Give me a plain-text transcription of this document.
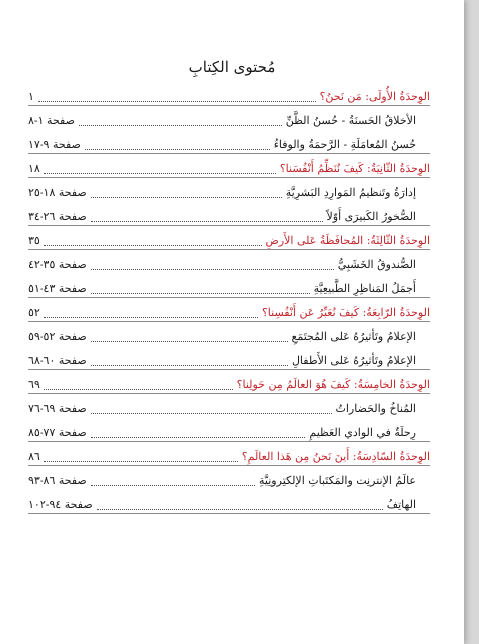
مُحتوى الكِتابِ
الوِحدَةُ الأُولَى: مَن نَحنُ؟
١
الأخلاقُ الحَسنَةُ - حُسنُ الظَّنِّ
صفحة ١-٨
حُسنُ المُعامَلَةِ - الرَّحمَةُ والوفاءُ
صفحة ٩-١٧
الوِحدَةُ الثّانِيَةُ: كَيفَ نُنَظِّمُ أَنْفُسَنا؟
١٨
إدارَةُ وتَنظيمُ المَوارِدِ البَشرِيَّةِ
صفحة ١٨-٢٥
الصُّخورُ الكَبيرَى أَوّلاً
صفحة ٢٦-٣٤
الوِحدَةُ الثّالِثَةُ: المُحافَظَةُ عَلى الأَرضِ
٣٥
الصُّندوقُ الخَشَبِيُّ
صفحة ٣٥-٤٢
أَجمَلُ المَناظِرِ الطَّبيعِيَّةِ
صفحة ٤٣-٥١
الوِحدَةُ الرّابِعَةُ: كَيفَ نُعَبِّرُ عَن أَنْفُسِنا؟
٥٢
الإعلامُ وتَأثيرُهُ عَلى المُجتَمَعِ
صفحة ٥٢-٥٩
الإعلامُ وتَأثيرُهُ عَلى الأَطفالِ
صفحة ٦٠-٦٨
الوِحدَةُ الخامِسَةُ: كَيفَ هُوَ العالَمُ مِن حَولِنا؟
٦٩
المُناخُ والحَضاراتُ
صفحة ٦٩-٧٦
رِحلَةٌ في الوادي العَظيمِ
صفحة ٧٧-٨٥
الوِحدَةُ السّادِسَةُ: أَينَ نَحنُ مِن هَذا العالَمِ؟
٨٦
عالَمُ الإنترنِت والمَكتَباتِ الإلكتِرونِيَّةِ
صفحة ٨٦-٩٣
الهاتِفُ
صفحة ٩٤-١٠٢
